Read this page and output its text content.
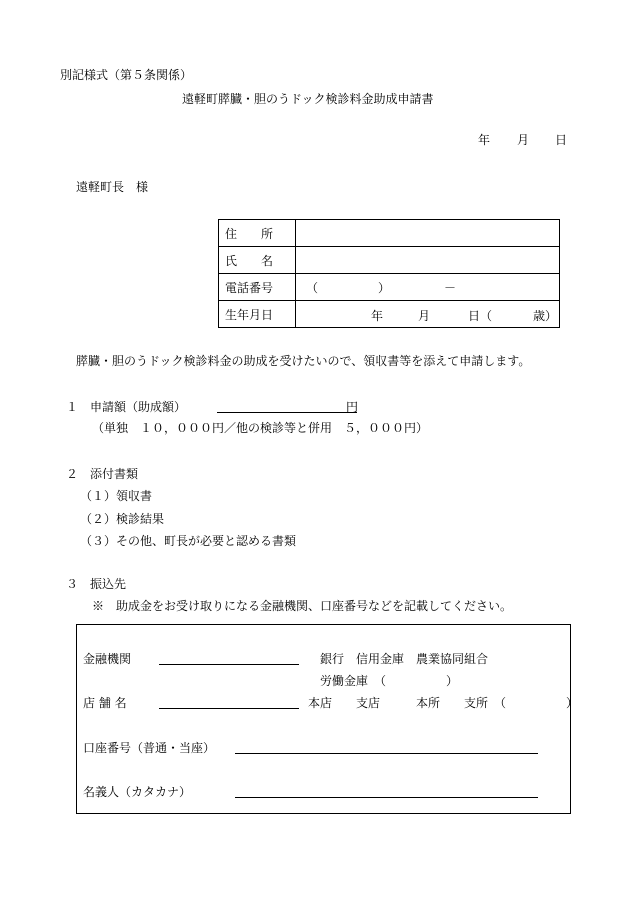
別記様式（第５条関係）
遠軽町膵臓・胆のうドック検診料金助成申請書
年 月 日
遠軽町長　様
住　　所	
氏　　名	
電話番号	（　　　　　）　　　　　－
生年月日	年 月 日（ 歳）
膵臓・胆のうドック検診料金の助成を受けたいので、領収書等を添えて申請します。
１　申請額（助成額）	円
（単独　１０，０００円／他の検診等と併用　５，０００円）
２　添付書類
（１）領収書
（２）検診結果
（３）その他、町長が必要と認める書類
３　振込先
※　助成金をお受け取りになる金融機関、口座番号などを記載してください。
金融機関	銀行　信用金庫　農業協同組合
労働金庫　（　　　　　）
店 舗 名	本店　　支店　　　本所　　支所　（　　　　　）
口座番号（普通・当座）
名義人（カタカナ）
